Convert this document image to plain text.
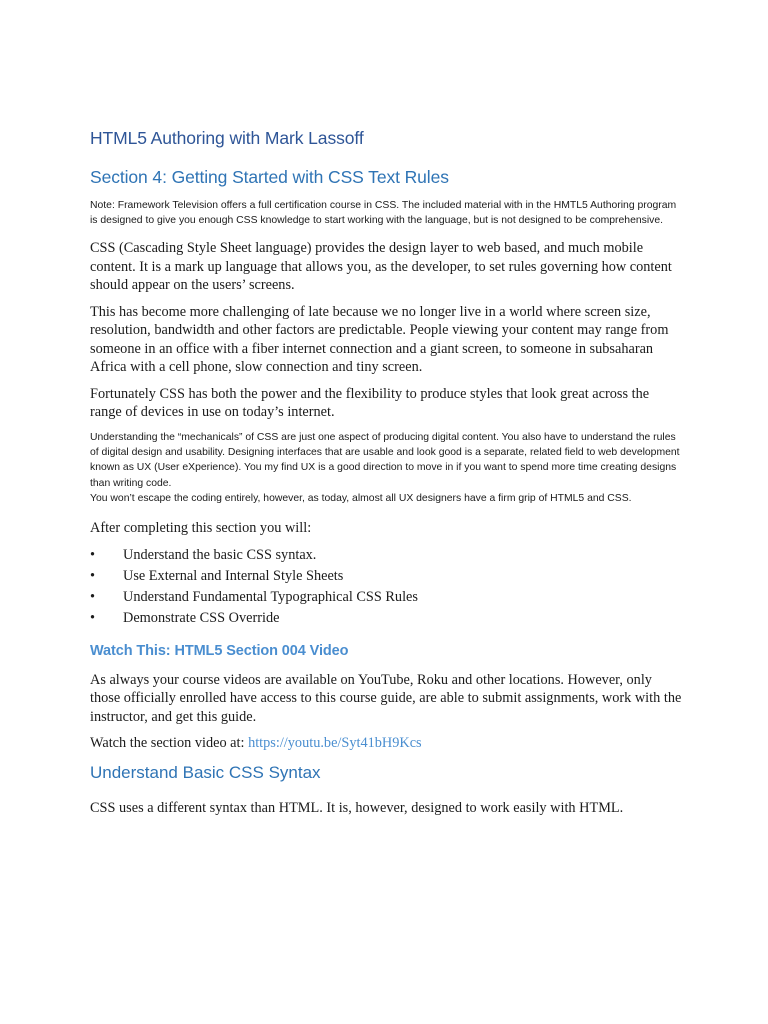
HTML5 Authoring with Mark Lassoff
Section 4: Getting Started with CSS Text Rules

Note: Framework Television offers a full certification course in CSS. The included material with in the HMTL5 Authoring program is designed to give you enough CSS knowledge to start working with the language, but is not designed to be comprehensive.

CSS (Cascading Style Sheet language) provides the design layer to web based, and much mobile content. It is a mark up language that allows you, as the developer, to set rules governing how content should appear on the users’ screens.

This has become more challenging of late because we no longer live in a world where screen size, resolution, bandwidth and other factors are predictable. People viewing your content may range from someone in an office with a fiber internet connection and a giant screen, to someone in subsaharan Africa with a cell phone, slow connection and tiny screen.

Fortunately CSS has both the power and the flexibility to produce styles that look great across the range of devices in use on today’s internet.

Understanding the “mechanicals” of CSS are just one aspect of producing digital content. You also have to understand the rules of digital design and usability. Designing interfaces that are usable and look good is a separate, related field to web development known as UX (User eXperience). You my find UX is a good direction to move in if you want to spend more time creating designs than writing code.

You won’t escape the coding entirely, however, as today, almost all UX designers have a firm grip of HTML5 and CSS.

After completing this section you will:

• Understand the basic CSS syntax.
• Use External and Internal Style Sheets
• Understand Fundamental Typographical CSS Rules
• Demonstrate CSS Override
Watch This: HTML5 Section 004 Video

As always your course videos are available on YouTube, Roku and other locations. However, only those officially enrolled have access to this course guide, are able to submit assignments, work with the instructor, and get this guide.

Watch the section video at: https://youtu.be/Syt41bH9Kcs

Understand Basic CSS Syntax

CSS uses a different syntax than HTML. It is, however, designed to work easily with HTML.
